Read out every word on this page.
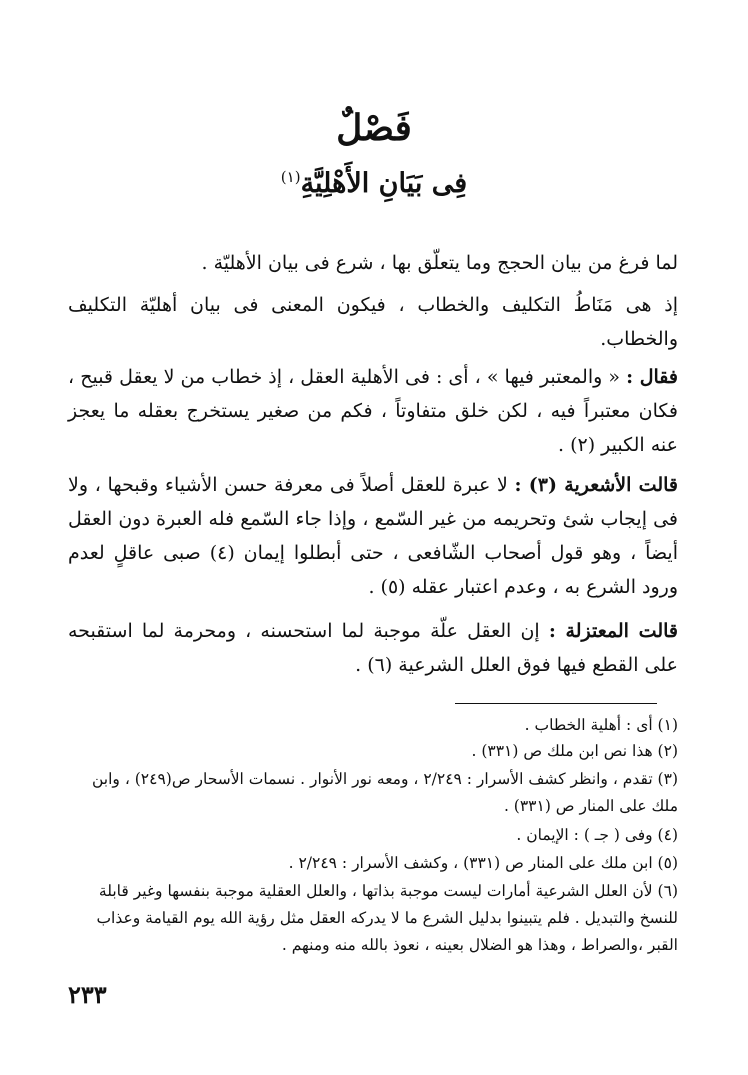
فَصْلٌ
فِى بَيَانِ الأَهْلِيَّةِ$^{(١)}$
لما فرغ من بيان الحجج وما يتعلّق بها ، شرع فى بيان الأهليّة .
إذ هى مَنَاطُ التكليف والخطاب ، فيكون المعنى فى بيان أهليّة التكليف والخطاب.
فقال : « والمعتبر فيها » ، أى : فى الأهلية العقل ، إذ خطاب من لا يعقل قبيح ، فكان معتبراً فيه ، لكن خلق متفاوتاً ، فكم من صغير يستخرج بعقله ما يعجز عنه الكبير (٢) .
قالت الأشعرية (٣) : لا عبرة للعقل أصلاً فى معرفة حسن الأشياء وقبحها ، ولا فى إيجاب شئ وتحريمه من غير السّمع ، وإذا جاء السّمع فله العبرة دون العقل أيضاً ، وهو قول أصحاب الشّافعى ، حتى أبطلوا إيمان (٤) صبى عاقلٍ لعدم ورود الشرع به ، وعدم اعتبار عقله (٥) .
قالت المعتزلة : إن العقل علّة موجبة لما استحسنه ، ومحرمة لما استقبحه على القطع فيها فوق العلل الشرعية (٦) .
(١) أى : أهلية الخطاب .
(٢) هذا نص ابن ملك ص (٣٣١) .
(٣) تقدم ، وانظر كشف الأسرار : ٢/٢٤٩ ، ومعه نور الأنوار . نسمات الأسحار ص(٢٤٩) ، وابن ملك على المنار ص (٣٣١) .
(٤) وفى ( جـ ) : الإيمان .
(٥) ابن ملك على المنار ص (٣٣١) ، وكشف الأسرار : ٢/٢٤٩ .
(٦) لأن العلل الشرعية أمارات ليست موجبة بذاتها ، والعلل العقلية موجبة بنفسها وغير قابلة للنسخ والتبديل . فلم يتبينوا بدليل الشرع ما لا يدركه العقل مثل رؤية الله يوم القيامة وعذاب القبر ،والصراط ، وهذا هو الضلال بعينه ، نعوذ بالله منه ومنهم .
٢٣٣
